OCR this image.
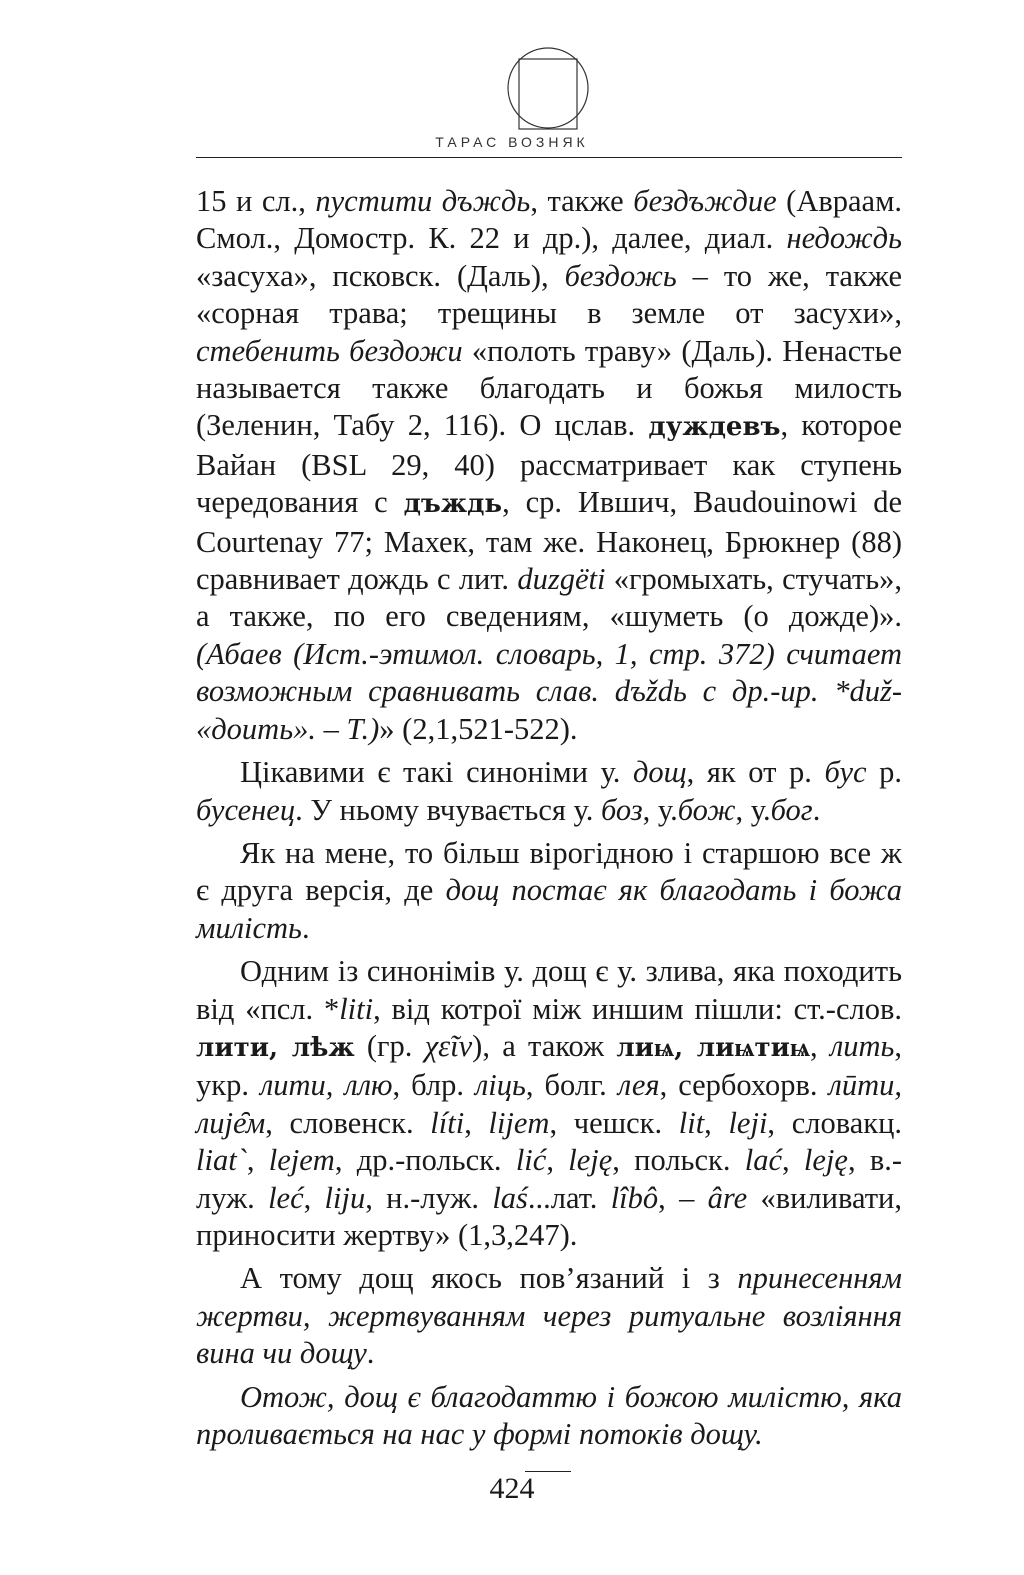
ТАРАС ВОЗНЯК

15 и сл., пустити дъждь, также бездъждие (Авраам. Смол., Домостр. К. 22 и др.), далее, диал. недождь «засуха», псковск. (Даль), бездожь – то же, также «сорная трава; трещины в земле от засухи», стебенить бездожи «полоть траву» (Даль). Ненастье называется также благодать и божья милость (Зеленин, Табу 2, 116). О цслав. дуждевъ, которое Вайан (BSL 29, 40) рассматривает как ступень чередования с дъждь, ср. Ившич, Baudouinowi de Courtenay 77; Махек, там же. Наконец, Брюкнер (88) сравнивает дождь с лит. duzgëti «громыхать, стучать», а также, по его сведениям, «шуметь (о дожде)». (Абаев (Ист.-этимол. словарь, 1, стр. 372) считает возможным сравнивать слав. dъždь с др.-ир. *duž- «доить». – Т.)» (2,1,521-522).

Цікавими є такі синоніми у. дощ, як от р. бус р. бусенец. У ньому вчувається у. боз, у.бож, у.бог.

Як на мене, то більш вірогідною і старшою все ж є друга версія, де дощ постає як благодать і божа милість.

Одним із синонімів у. дощ є у. злива, яка походить від «псл. *liti, від котрої між иншим пішли: ст.-слов. лити, лѣж (гр. χεῖν), а також лиѩ, лиѩтиѩ, лить, укр. лити, ллю, блр. ліць, болг. лея, сербохорв. лӣти, лије̑м, словенск. líti, lijem, чешск. lit, leji, словакц. liat`, lejem, др.-польск. lić, leję, польск. lać, leję, в.-луж. leć, liju, н.-луж. laś...лат. lîbô, – âre «виливати, приносити жертву» (1,3,247).

А тому дощ якось пов’язаний і з принесенням жертви, жертвуванням через ритуальне возліяння вина чи дощу.

Отож, дощ є благодаттю і божою милістю, яка проливається на нас у формі потоків дощу.

424
